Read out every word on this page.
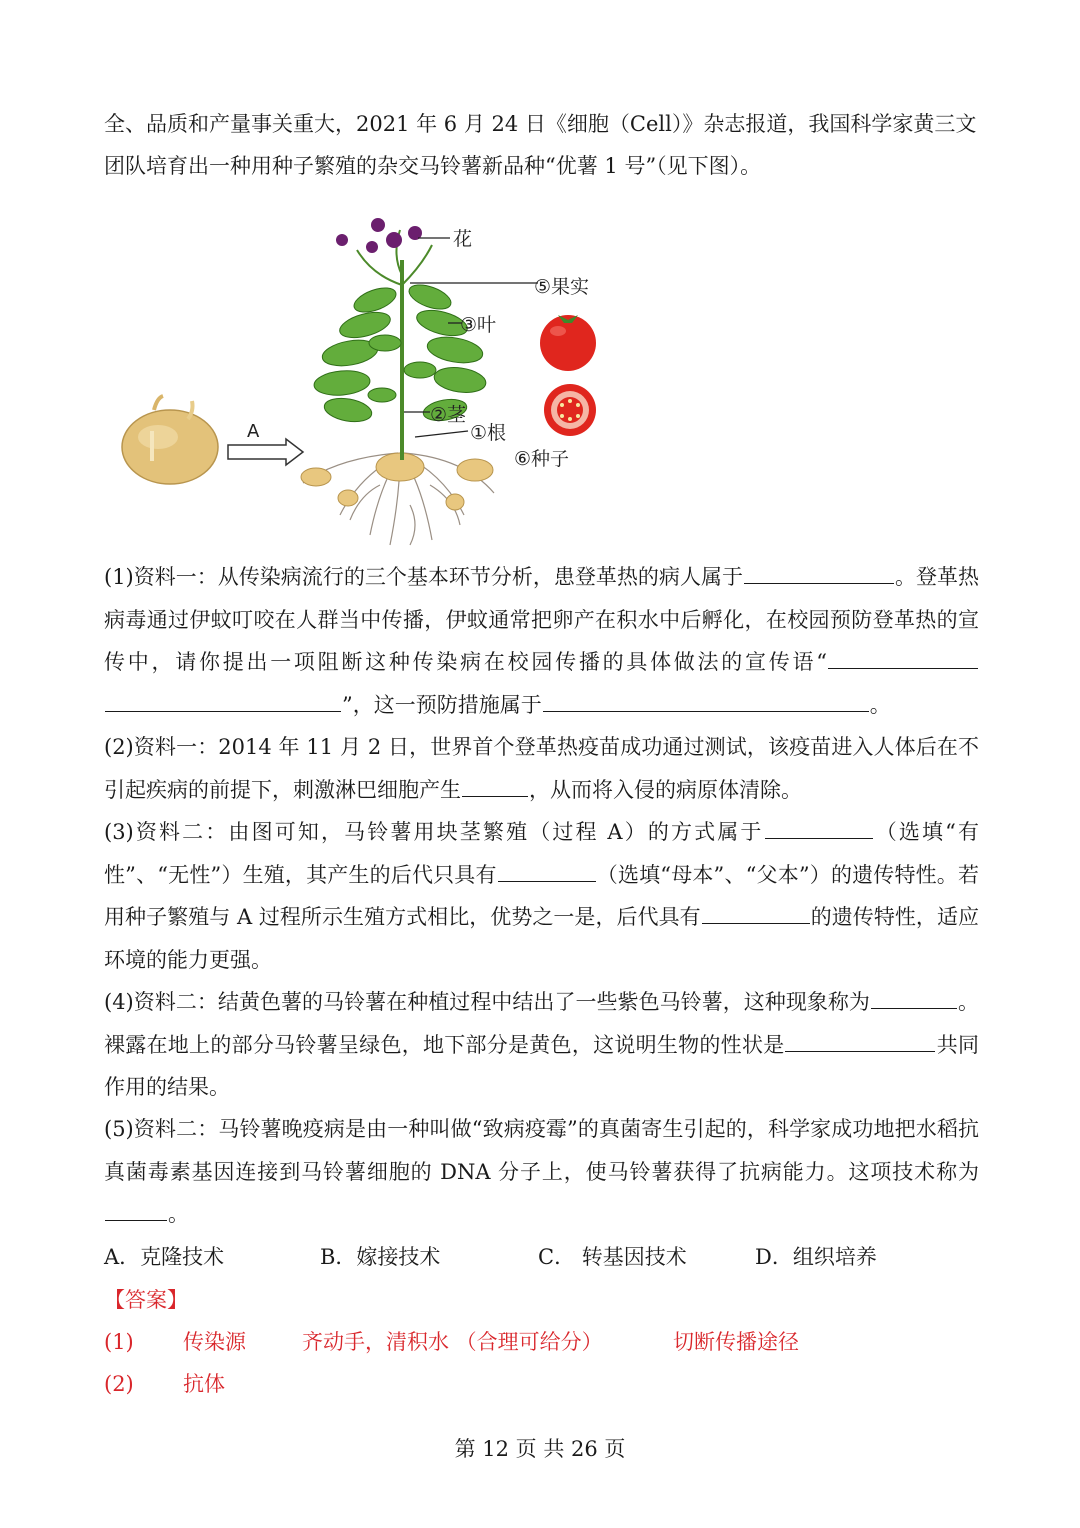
全、品质和产量事关重大，2021 年 6 月 24 日《细胞（Cell）》杂志报道，我国科学家黄三文
团队培育出一种用种子繁殖的杂交马铃薯新品种“优薯 1 号”（见下图）。

A
花
⑤果实
③叶
②茎
①根
⑥种子

(1)资料一：从传染病流行的三个基本环节分析，患登革热的病人属于	。登革热病毒通过伊蚊叮咬在人群当中传播，伊蚊通常把卵产在积水中后孵化，在校园预防登革热的宣传中，请你提出一项阻断这种传染病在校园传播的具体做法的宣传语“”，这一预防措施属于	。

(2)资料一：2014 年 11 月 2 日，世界首个登革热疫苗成功通过测试，该疫苗进入人体后在不引起疾病的前提下，刺激淋巴细胞产生	，从而将入侵的病原体清除。

(3)资料二：由图可知，马铃薯用块茎繁殖（过程 A）的方式属于	（选填“有性”、“无性”）生殖，其产生的后代只具有	（选填“母本”、“父本”）的遗传特性。若用种子繁殖与 A 过程所示生殖方式相比，优势之一是，后代具有	的遗传特性，适应环境的能力更强。

(4)资料二：结黄色薯的马铃薯在种植过程中结出了一些紫色马铃薯，这种现象称为	。裸露在地上的部分马铃薯呈绿色，地下部分是黄色，这说明生物的性状是	共同作用的结果。

(5)资料二：马铃薯晚疫病是由一种叫做“致病疫霉”的真菌寄生引起的，科学家成功地把水稻抗真菌毒素基因连接到马铃薯细胞的 DNA 分子上，使马铃薯获得了抗病能力。这项技术称为。

A．克隆技术	B．嫁接技术	C． 转基因技术	D．组织培养
【答案】
(1) 传染源	齐动手，清积水 （合理可给分）	切断传播途径
(2) 抗体
第 12 页 共 26 页
